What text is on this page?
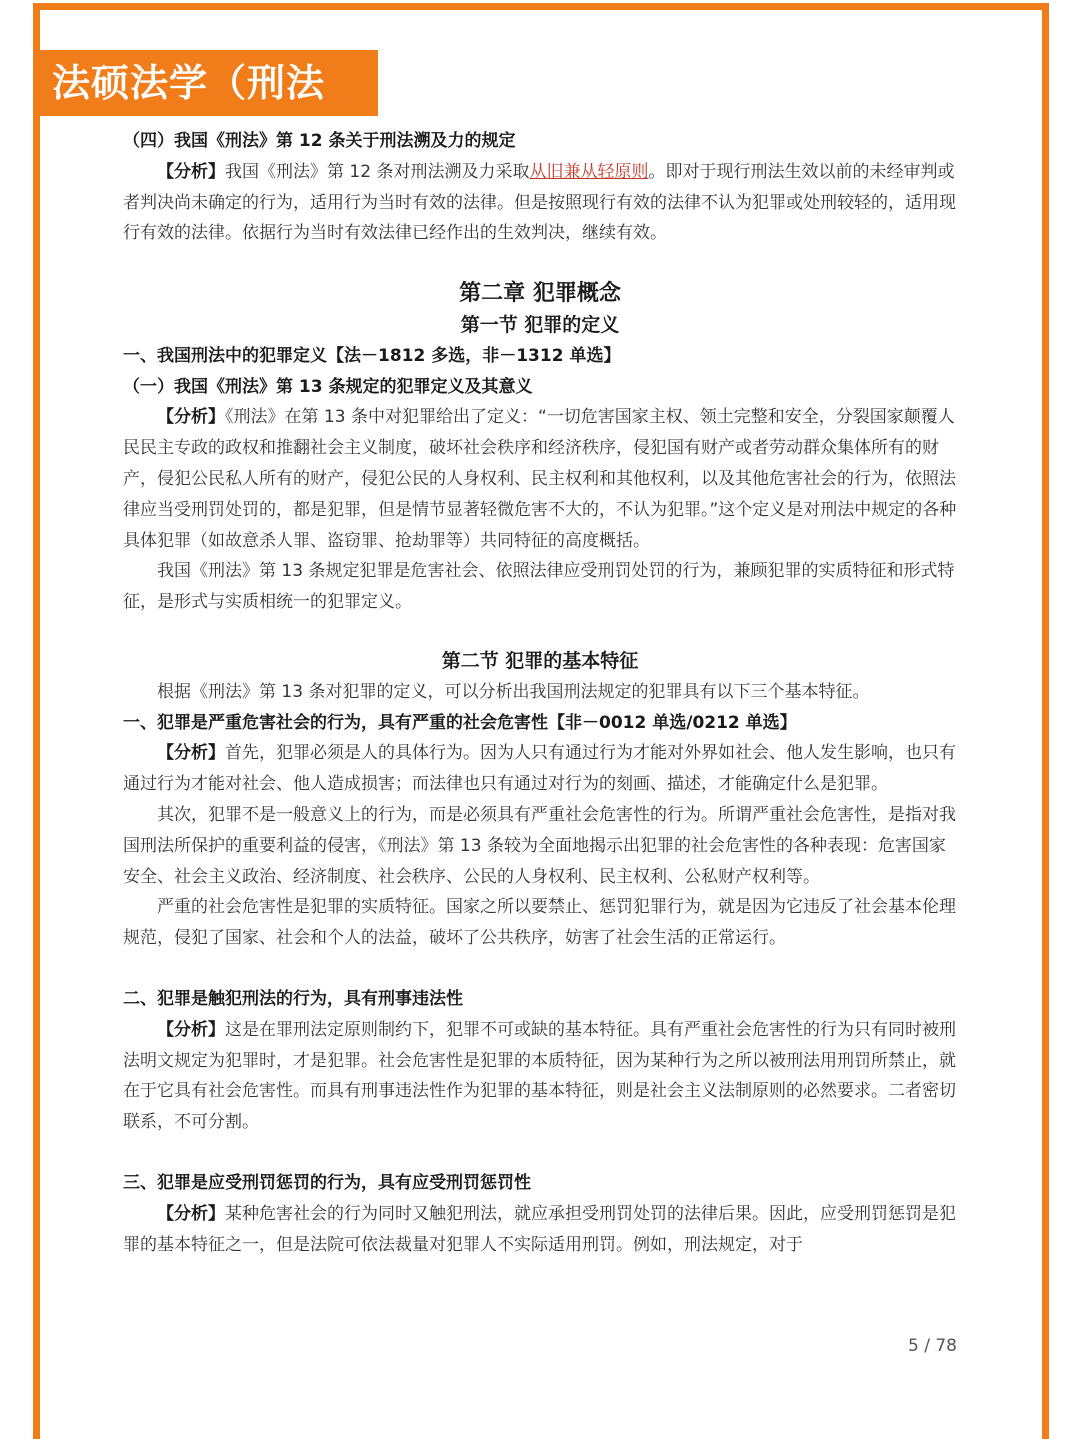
法硕法学（刑法学）

（四）我国《刑法》第 12 条关于刑法溯及力的规定

【分析】我国《刑法》第 12 条对刑法溯及力采取从旧兼从轻原则。即对于现行刑法生效以前的未经审判或者判决尚未确定的行为，适用行为当时有效的法律。但是按照现行有效的法律不认为犯罪或处刑较轻的，适用现行有效的法律。依据行为当时有效法律已经作出的生效判决，继续有效。

第二章 犯罪概念

第一节 犯罪的定义

一、我国刑法中的犯罪定义【法－1812 多选，非－1312 单选】

（一）我国《刑法》第 13 条规定的犯罪定义及其意义

【分析】《刑法》在第 13 条中对犯罪给出了定义：“一切危害国家主权、领土完整和安全，分裂国家颠覆人民民主专政的政权和推翻社会主义制度，破坏社会秩序和经济秩序，侵犯国有财产或者劳动群众集体所有的财产，侵犯公民私人所有的财产，侵犯公民的人身权利、民主权利和其他权利，以及其他危害社会的行为，依照法律应当受刑罚处罚的，都是犯罪，但是情节显著轻微危害不大的，不认为犯罪。”这个定义是对刑法中规定的各种具体犯罪（如故意杀人罪、盗窃罪、抢劫罪等）共同特征的高度概括。

我国《刑法》第 13 条规定犯罪是危害社会、依照法律应受刑罚处罚的行为，兼顾犯罪的实质特征和形式特征，是形式与实质相统一的犯罪定义。

第二节 犯罪的基本特征

根据《刑法》第 13 条对犯罪的定义，可以分析出我国刑法规定的犯罪具有以下三个基本特征。

一、犯罪是严重危害社会的行为，具有严重的社会危害性【非－0012 单选/0212 单选】

【分析】首先，犯罪必须是人的具体行为。因为人只有通过行为才能对外界如社会、他人发生影响，也只有通过行为才能对社会、他人造成损害；而法律也只有通过对行为的刻画、描述，才能确定什么是犯罪。

其次，犯罪不是一般意义上的行为，而是必须具有严重社会危害性的行为。所谓严重社会危害性，是指对我国刑法所保护的重要利益的侵害，《刑法》第 13 条较为全面地揭示出犯罪的社会危害性的各种表现：危害国家安全、社会主义政治、经济制度、社会秩序、公民的人身权利、民主权利、公私财产权利等。

严重的社会危害性是犯罪的实质特征。国家之所以要禁止、惩罚犯罪行为，就是因为它违反了社会基本伦理规范，侵犯了国家、社会和个人的法益，破坏了公共秩序，妨害了社会生活的正常运行。

二、犯罪是触犯刑法的行为，具有刑事违法性

【分析】这是在罪刑法定原则制约下，犯罪不可或缺的基本特征。具有严重社会危害性的行为只有同时被刑法明文规定为犯罪时，才是犯罪。社会危害性是犯罪的本质特征，因为某种行为之所以被刑法用刑罚所禁止，就在于它具有社会危害性。而具有刑事违法性作为犯罪的基本特征，则是社会主义法制原则的必然要求。二者密切联系，不可分割。

三、犯罪是应受刑罚惩罚的行为，具有应受刑罚惩罚性

【分析】某种危害社会的行为同时又触犯刑法，就应承担受刑罚处罚的法律后果。因此，应受刑罚惩罚是犯罪的基本特征之一，但是法院可依法裁量对犯罪人不实际适用刑罚。例如，刑法规定，对于

5 / 78
